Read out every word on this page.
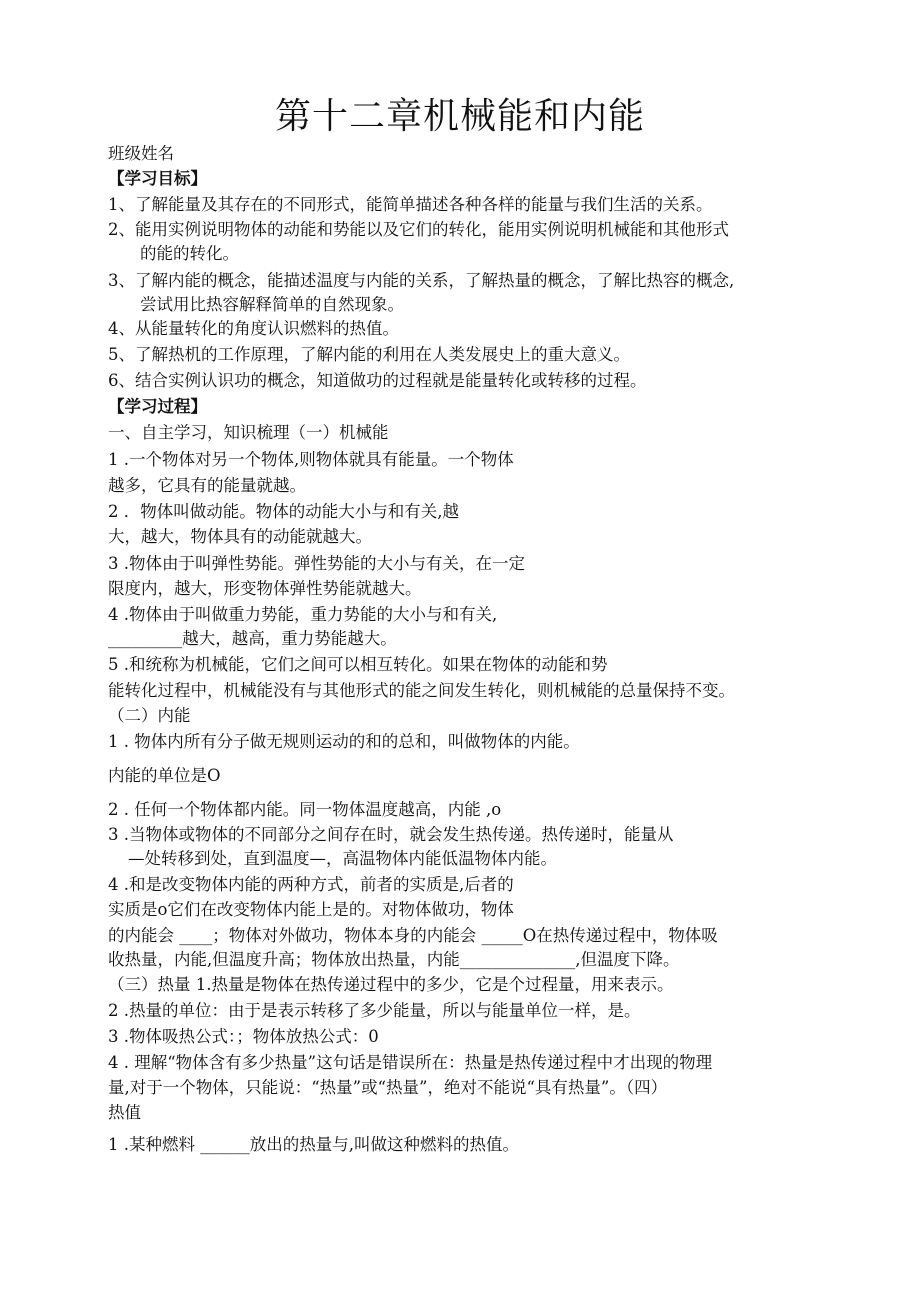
第十二章机械能和内能
班级姓名
【学习目标】
1、了解能量及其存在的不同形式，能简单描述各种各样的能量与我们生活的关系。
2、能用实例说明物体的动能和势能以及它们的转化，能用实例说明机械能和其他形式
的能的转化。
3、了解内能的概念，能描述温度与内能的关系，了解热量的概念，了解比热容的概念,
尝试用比热容解释简单的自然现象。
4、从能量转化的角度认识燃料的热值。
5、了解热机的工作原理，了解内能的利用在人类发展史上的重大意义。
6、结合实例认识功的概念，知道做功的过程就是能量转化或转移的过程。
【学习过程】
一、自主学习，知识梳理（一）机械能
1 .一个物体对另一个物体,则物体就具有能量。一个物体
越多，它具有的能量就越。
2 ．物体叫做动能。物体的动能大小与和有关,越
大，越大，物体具有的动能就越大。
3 .物体由于叫弹性势能。弹性势能的大小与有关，在一定
限度内，越大，形变物体弹性势能就越大。
4 .物体由于叫做重力势能，重力势能的大小与和有关,
_________越大，越高，重力势能越大。
5 .和统称为机械能，它们之间可以相互转化。如果在物体的动能和势
能转化过程中，机械能没有与其他形式的能之间发生转化，则机械能的总量保持不变。
（二）内能
1 . 物体内所有分子做无规则运动的和的总和，叫做物体的内能。
内能的单位是O
2 . 任何一个物体都内能。同一物体温度越高，内能 ,o
3 .当物体或物体的不同部分之间存在时，就会发生热传递。热传递时，能量从
—处转移到处，直到温度—，高温物体内能低温物体内能。
4 .和是改变物体内能的两种方式，前者的实质是,后者的
实质是o它们在改变物体内能上是的。对物体做功，物体
的内能会 ____；物体对外做功，物体本身的内能会 _____O在热传递过程中，物体吸
收热量，内能,但温度升高；物体放出热量，内能______________,但温度下降。
（三）热量 1.热量是物体在热传递过程中的多少，它是个过程量，用来表示。
2 .热量的单位：由于是表示转移了多少能量，所以与能量单位一样，是。
3 .物体吸热公式：；物体放热公式：0
4 . 理解“物体含有多少热量”这句话是错误所在：热量是热传递过程中才出现的物理
量,对于一个物体，只能说：“热量”或“热量”，绝对不能说“具有热量”。（四）
热值
1 .某种燃料 ______放出的热量与,叫做这种燃料的热值。
